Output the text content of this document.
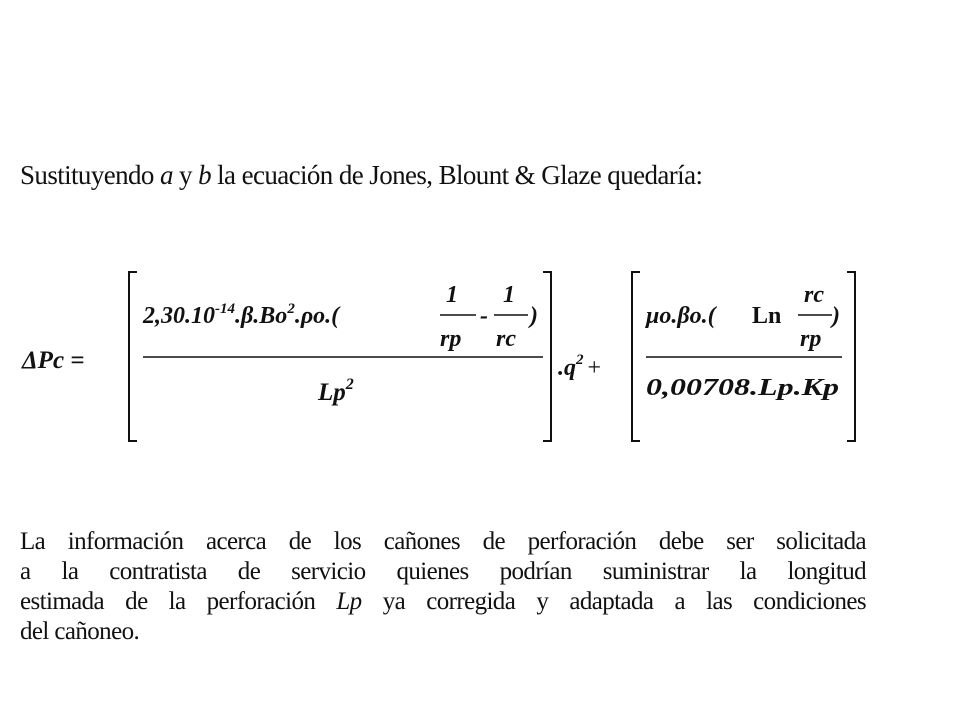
Sustituyendo a y b la ecuación de Jones, Blount & Glaze quedaría:

ΔPc =
$2,30.10^{-14}.\beta.Bo^2.\rho o$.(
1
rp
-
1
rc
)
Lp$^2$
$.q^2$ +
μo.βo.( Ln
rc
rp
)
0,00708.Lp.Kp

La información acerca de los cañones de perforación debe ser solicitada
a la contratista de servicio quienes podrían suministrar la longitud
estimada de la perforación Lp ya corregida y adaptada a las condiciones
del cañoneo.
